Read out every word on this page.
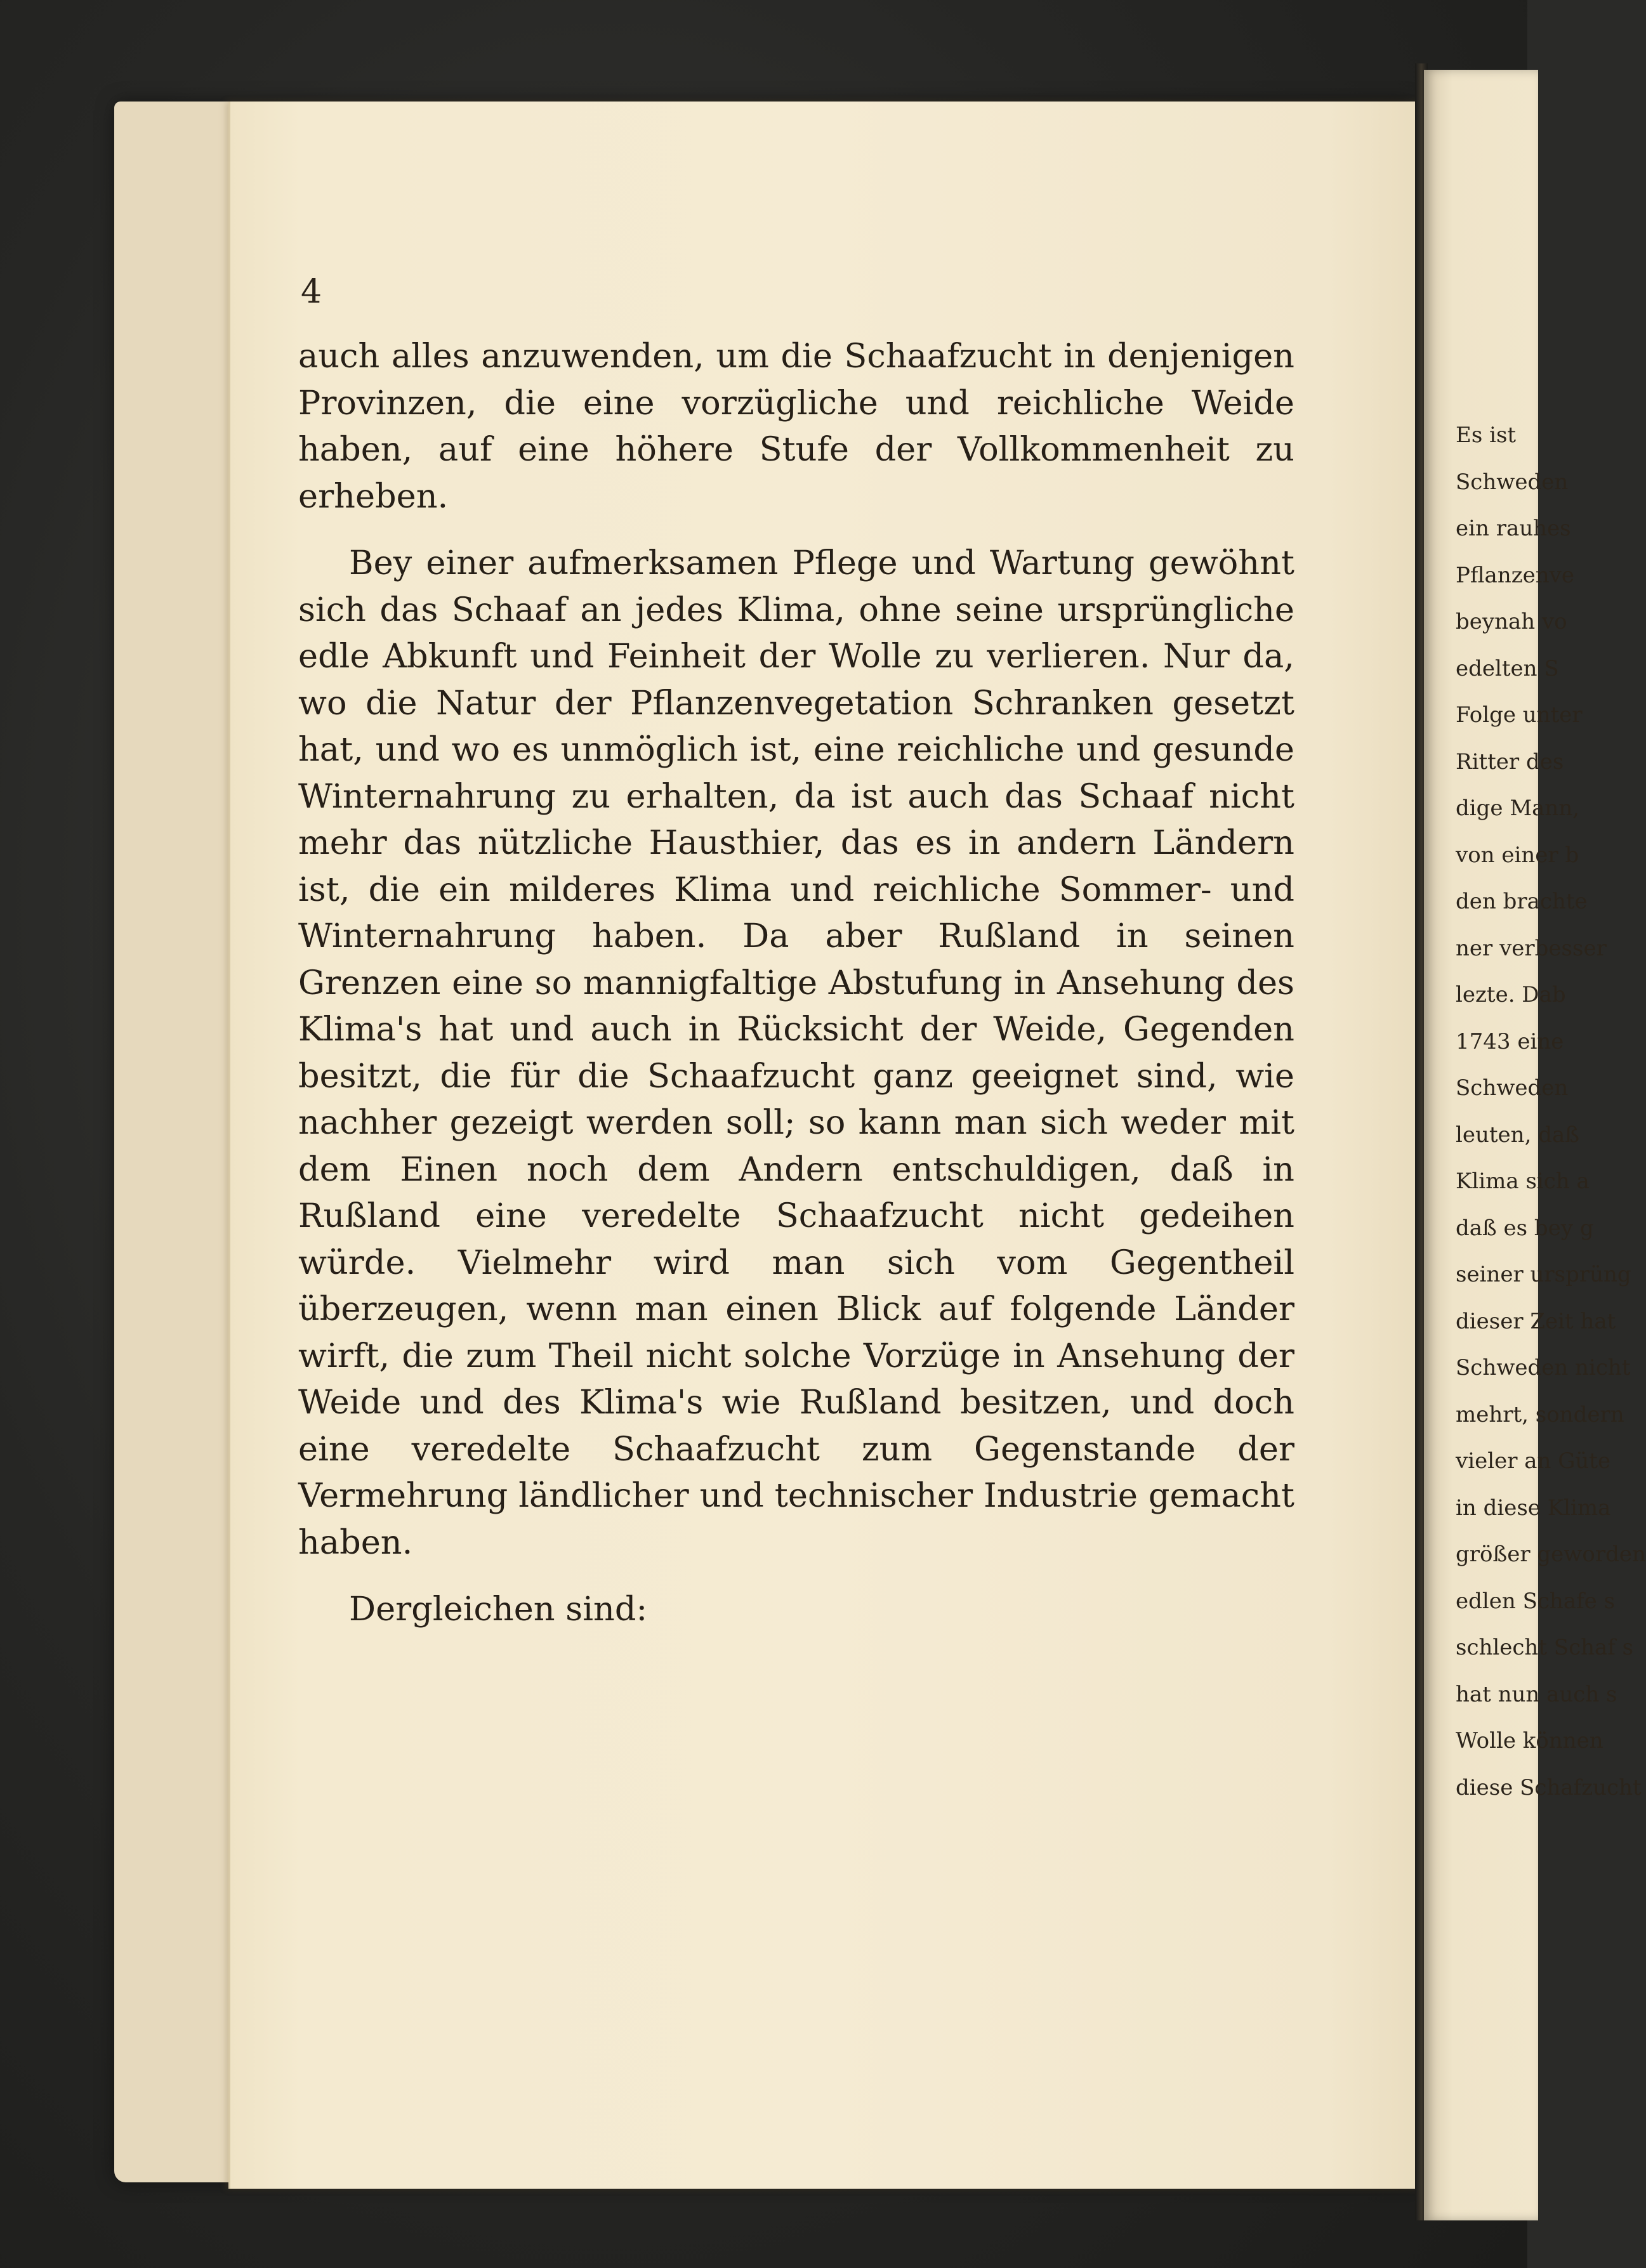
4

auch alles anzuwenden, um die Schaafzucht in denjenigen Provinzen, die eine vorzügliche und reichliche Weide haben, auf eine höhere Stufe der Vollkommenheit zu erheben.

Bey einer aufmerksamen Pflege und Wartung gewöhnt sich das Schaaf an jedes Klima, ohne seine ursprüngliche edle Abkunft und Feinheit der Wolle zu verlieren. Nur da, wo die Natur der Pflanzenvegetation Schranken gesetzt hat, und wo es unmöglich ist, eine reichliche und gesunde Winternahrung zu erhalten, da ist auch das Schaaf nicht mehr das nützliche Hausthier, das es in andern Ländern ist, die ein milderes Klima und reichliche Sommer- und Winternahrung haben. Da aber Rußland in seinen Grenzen eine so mannigfaltige Abstufung in Ansehung des Klima's hat und auch in Rücksicht der Weide, Gegenden besitzt, die für die Schaafzucht ganz geeignet sind, wie nachher gezeigt werden soll; so kann man sich weder mit dem Einen noch dem Andern entschuldigen, daß in Rußland eine veredelte Schaafzucht nicht gedeihen würde. Vielmehr wird man sich vom Gegentheil überzeugen, wenn man einen Blick auf folgende Länder wirft, die zum Theil nicht solche Vorzüge in Ansehung der Weide und des Klima's wie Rußland besitzen, und doch eine veredelte Schaafzucht zum Gegenstande der Vermehrung ländlicher und technischer Industrie gemacht haben.

Dergleichen sind:

Es ist
Schweden
ein rauhes
Pflanzenve
beynah vo
edelten S
Folge unter
Ritter des
dige Mann,
von einer b
den brachte
ner verbesser
lezte. Dab
1743 eine
Schweden
leuten, daß
Klima sich a
daß es bey g
seiner ursprüng
dieser Zeit hat
Schweden nicht
mehrt, sondern
vieler an Güte
in diese Klima
größer geworden
edlen Schafe s
schlecht Schaf s
hat nun auch s
Wolle können
diese Schafzucht
